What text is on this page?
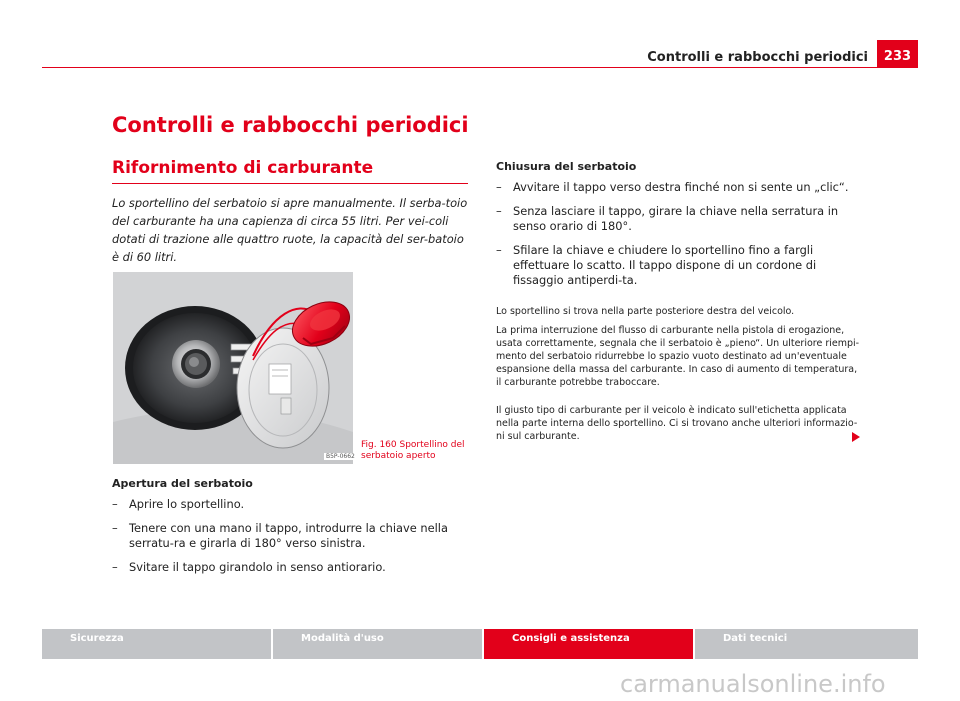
Controlli e rabbocchi periodici	233
Controlli e rabbocchi periodici
Rifornimento di carburante

Lo sportellino del serbatoio si apre manualmente. Il serba-toio del carburante ha una capienza di circa 55 litri. Per vei-coli dotati di trazione alle quattro ruote, la capacità del ser-batoio è di 60 litri.

B5P-0662

Fig. 160 Sportellino del serbatoio aperto

Apertura del serbatoio
– Aprire lo sportellino.
– Tenere con una mano il tappo, introdurre la chiave nella serratu-ra e girarla di 180° verso sinistra.
– Svitare il tappo girandolo in senso antiorario.
Chiusura del serbatoio
– Avvitare il tappo verso destra finché non si sente un „clic“.
– Senza lasciare il tappo, girare la chiave nella serratura in senso orario di 180°.
– Sfilare la chiave e chiudere lo sportellino fino a fargli effettuare lo scatto. Il tappo dispone di un cordone di fissaggio antiperdi-ta.

Lo sportellino si trova nella parte posteriore destra del veicolo.

La prima interruzione del flusso di carburante nella pistola di erogazione, usata correttamente, segnala che il serbatoio è „pieno“. Un ulteriore riempi-mento del serbatoio ridurrebbe lo spazio vuoto destinato ad un'eventuale espansione della massa del carburante. In caso di aumento di temperatura, il carburante potrebbe traboccare.

Il giusto tipo di carburante per il veicolo è indicato sull'etichetta applicata nella parte interna dello sportellino. Ci si trovano anche ulteriori informazio-ni sul carburante.

Sicurezza	Modalità d'uso	Consigli e assistenza	Dati tecnici
carmanualsonline.info
